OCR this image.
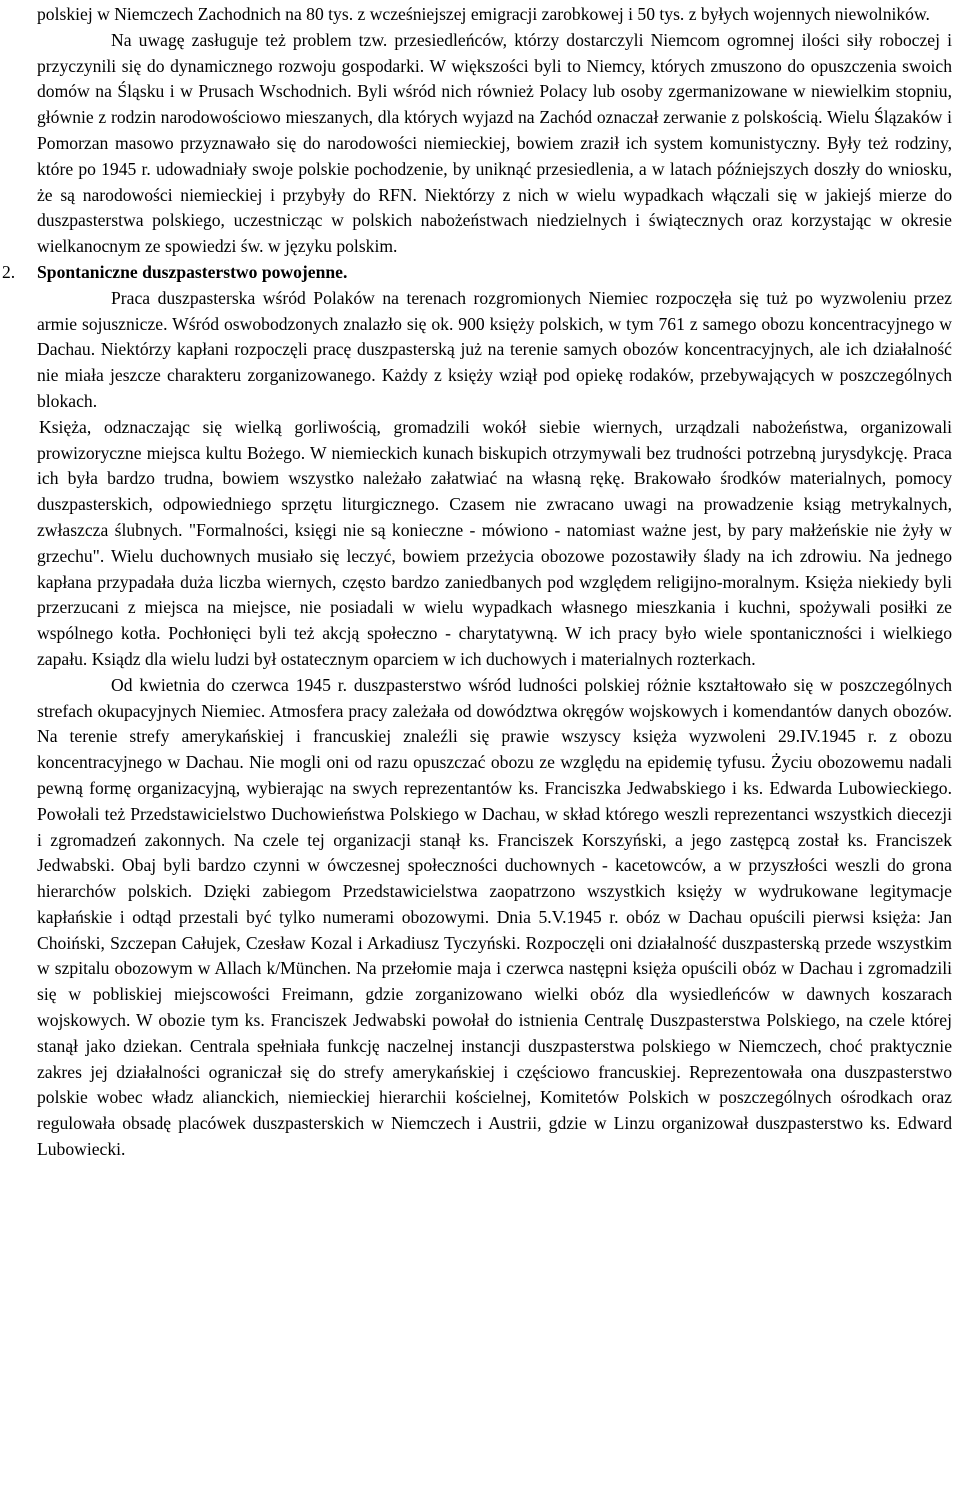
polskiej w Niemczech Zachodnich na 80 tys. z wcześniejszej emigracji zarobkowej i 50 tys. z byłych wojennych niewolników.

Na uwagę zasługuje też problem tzw. przesiedleńców, którzy dostarczyli Niemcom ogromnej ilości siły roboczej i przyczynili się do dynamicznego rozwoju gospodarki. W większości byli to Niemcy, których zmuszono do opuszczenia swoich domów na Śląsku i w Prusach Wschodnich. Byli wśród nich również Polacy lub osoby zgermanizowane w niewielkim stopniu, głównie z rodzin narodowościowo mieszanych, dla których wyjazd na Zachód oznaczał zerwanie z polskością. Wielu Ślązaków i Pomorzan masowo przyznawało się do narodowości niemieckiej, bowiem zraził ich system komunistyczny. Były też rodziny, które po 1945 r. udowadniały swoje polskie pochodzenie, by uniknąć przesiedlenia, a w latach późniejszych doszły do wniosku, że są narodowości niemieckiej i przybyły do RFN. Niektórzy z nich w wielu wypadkach włączali się w jakiejś mierze do duszpasterstwa polskiego, uczestnicząc w polskich nabożeństwach niedzielnych i świątecznych oraz korzystając w okresie wielkanocnym ze spowiedzi św. w języku polskim.

2. Spontaniczne duszpasterstwo powojenne.

Praca duszpasterska wśród Polaków na terenach rozgromionych Niemiec rozpoczęła się tuż po wyzwoleniu przez armie sojusznicze. Wśród oswobodzonych znalazło się ok. 900 księży polskich, w tym 761 z samego obozu koncentracyjnego w Dachau. Niektórzy kapłani rozpoczęli pracę duszpasterską już na terenie samych obozów koncentracyjnych, ale ich działalność nie miała jeszcze charakteru zorganizowanego. Każdy z księży wziął pod opiekę rodaków, przebywających w poszczególnych blokach.

Księża, odznaczając się wielką gorliwością, gromadzili wokół siebie wiernych, urządzali nabożeństwa, organizowali prowizoryczne miejsca kultu Bożego. W niemieckich kunach biskupich otrzymywali bez trudności potrzebną jurysdykcję. Praca ich była bardzo trudna, bowiem wszystko należało załatwiać na własną rękę. Brakowało środków materialnych, pomocy duszpasterskich, odpowiedniego sprzętu liturgicznego. Czasem nie zwracano uwagi na prowadzenie ksiąg metrykalnych, zwłaszcza ślubnych. "Formalności, księgi nie są konieczne - mówiono - natomiast ważne jest, by pary małżeńskie nie żyły w grzechu". Wielu duchownych musiało się leczyć, bowiem przeżycia obozowe pozostawiły ślady na ich zdrowiu. Na jednego kapłana przypadała duża liczba wiernych, często bardzo zaniedbanych pod względem religijno-moralnym. Księża niekiedy byli przerzucani z miejsca na miejsce, nie posiadali w wielu wypadkach własnego mieszkania i kuchni, spożywali posiłki ze wspólnego kotła. Pochłonięci byli też akcją społeczno - charytatywną. W ich pracy było wiele spontaniczności i wielkiego zapału. Ksiądz dla wielu ludzi był ostatecznym oparciem w ich duchowych i materialnych rozterkach.

Od kwietnia do czerwca 1945 r. duszpasterstwo wśród ludności polskiej różnie kształtowało się w poszczególnych strefach okupacyjnych Niemiec. Atmosfera pracy zależała od dowództwa okręgów wojskowych i komendantów danych obozów. Na terenie strefy amerykańskiej i francuskiej znaleźli się prawie wszyscy księża wyzwoleni 29.IV.1945 r. z obozu koncentracyjnego w Dachau. Nie mogli oni od razu opuszczać obozu ze względu na epidemię tyfusu. Życiu obozowemu nadali pewną formę organizacyjną, wybierając na swych reprezentantów ks. Franciszka Jedwabskiego i ks. Edwarda Lubowieckiego. Powołali też Przedstawicielstwo Duchowieństwa Polskiego w Dachau, w skład którego weszli reprezentanci wszystkich diecezji i zgromadzeń zakonnych. Na czele tej organizacji stanął ks. Franciszek Korszyński, a jego zastępcą został ks. Franciszek Jedwabski. Obaj byli bardzo czynni w ówczesnej społeczności duchownych - kacetowców, a w przyszłości weszli do grona hierarchów polskich. Dzięki zabiegom Przedstawicielstwa zaopatrzono wszystkich księży w wydrukowane legitymacje kapłańskie i odtąd przestali być tylko numerami obozowymi. Dnia 5.V.1945 r. obóz w Dachau opuścili pierwsi księża: Jan Choiński, Szczepan Całujek, Czesław Kozal i Arkadiusz Tyczyński. Rozpoczęli oni działalność duszpasterską przede wszystkim w szpitalu obozowym w Allach k/München. Na przełomie maja i czerwca następni księża opuścili obóz w Dachau i zgromadzili się w pobliskiej miejscowości Freimann, gdzie zorganizowano wielki obóz dla wysiedleńców w dawnych koszarach wojskowych. W obozie tym ks. Franciszek Jedwabski powołał do istnienia Centralę Duszpasterstwa Polskiego, na czele której stanął jako dziekan. Centrala spełniała funkcję naczelnej instancji duszpasterstwa polskiego w Niemczech, choć praktycznie zakres jej działalności ograniczał się do strefy amerykańskiej i częściowo francuskiej. Reprezentowała ona duszpasterstwo polskie wobec władz alianckich, niemieckiej hierarchii kościelnej, Komitetów Polskich w poszczególnych ośrodkach oraz regulowała obsadę placówek duszpasterskich w Niemczech i Austrii, gdzie w Linzu organizował duszpasterstwo ks. Edward Lubowiecki.
